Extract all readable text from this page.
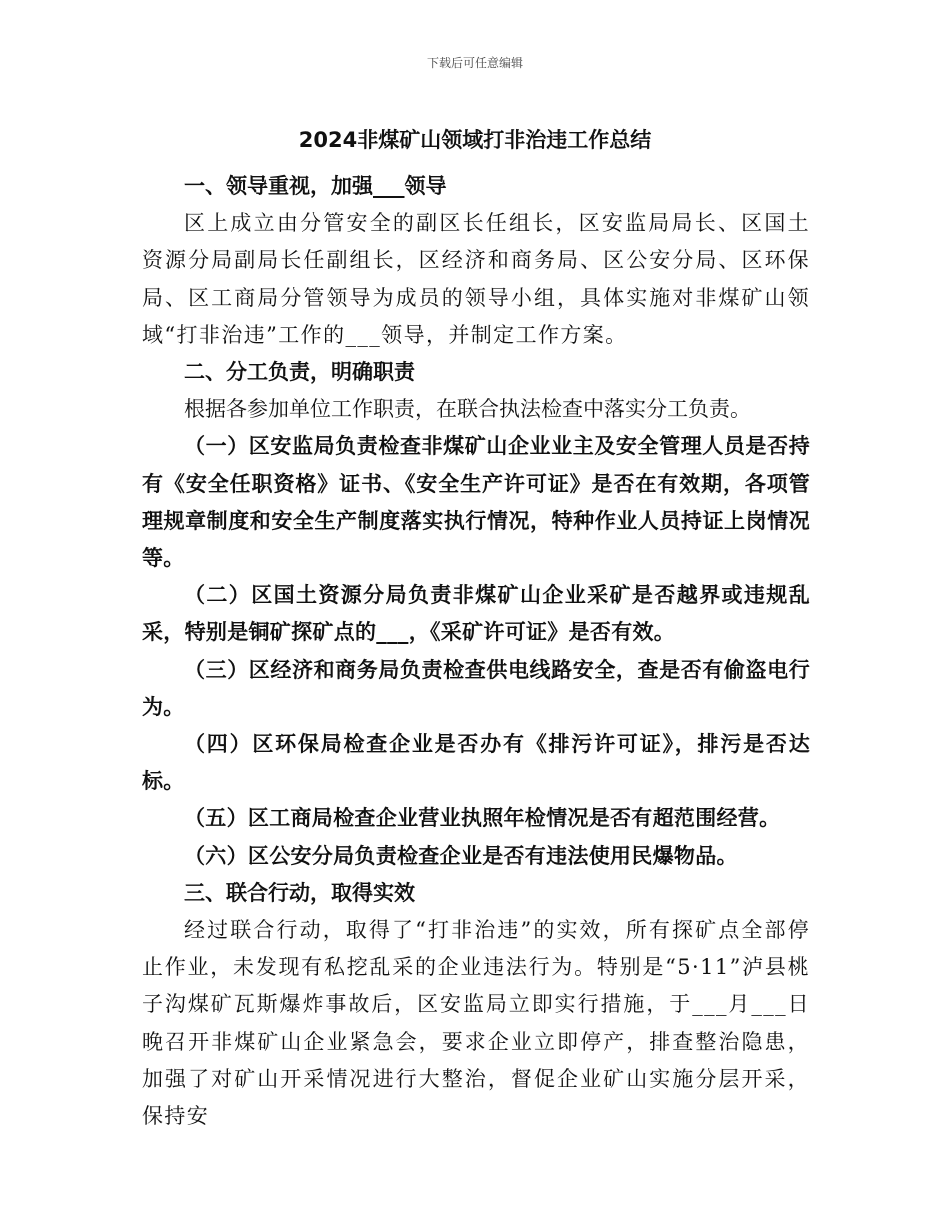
下载后可任意编辑
2024非煤矿山领域打非治违工作总结

一、领导重视，加强___领导

区上成立由分管安全的副区长任组长，区安监局局长、区国土资源分局副局长任副组长，区经济和商务局、区公安分局、区环保局、区工商局分管领导为成员的领导小组，具体实施对非煤矿山领域“打非治违”工作的___领导，并制定工作方案。

二、分工负责，明确职责

根据各参加单位工作职责，在联合执法检查中落实分工负责。

（一）区安监局负责检查非煤矿山企业业主及安全管理人员是否持有《安全任职资格》证书、《安全生产许可证》是否在有效期，各项管理规章制度和安全生产制度落实执行情况，特种作业人员持证上岗情况等。

（二）区国土资源分局负责非煤矿山企业采矿是否越界或违规乱采，特别是铜矿探矿点的___，《采矿许可证》是否有效。

（三）区经济和商务局负责检查供电线路安全，查是否有偷盗电行为。

（四）区环保局检查企业是否办有《排污许可证》，排污是否达标。

（五）区工商局检查企业营业执照年检情况是否有超范围经营。

（六）区公安分局负责检查企业是否有违法使用民爆物品。

三、联合行动，取得实效

经过联合行动，取得了“打非治违”的实效，所有探矿点全部停止作业，未发现有私挖乱采的企业违法行为。特别是“5·11”泸县桃子沟煤矿瓦斯爆炸事故后，区安监局立即实行措施，于___月___日晚召开非煤矿山企业紧急会，要求企业立即停产，排查整治隐患，加强了对矿山开采情况进行大整治，督促企业矿山实施分层开采，保持安
